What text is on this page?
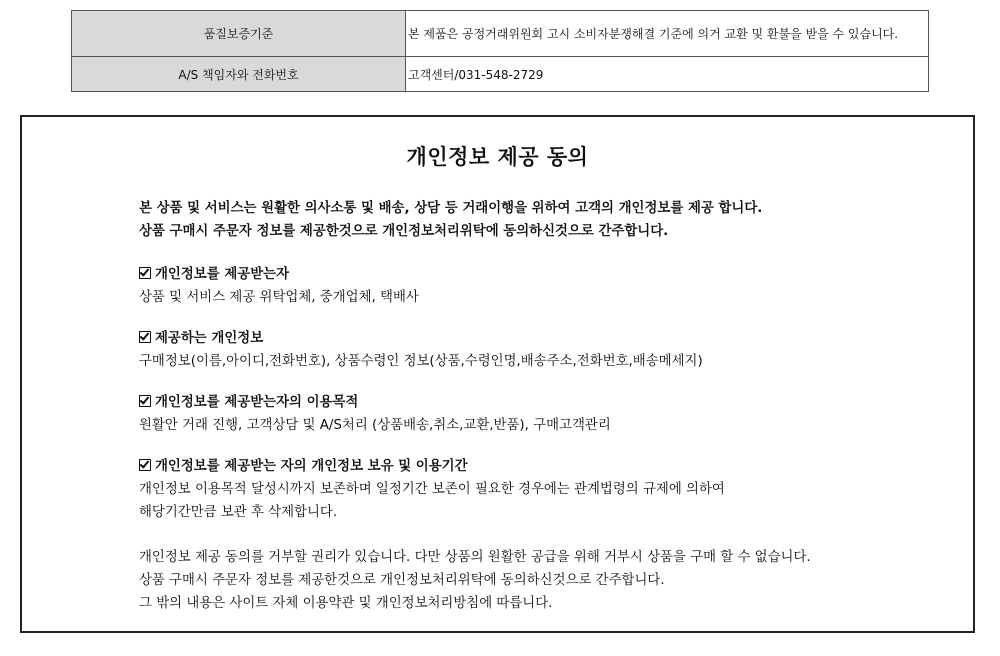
품질보증기준	본 제품은 공정거래위원회 고시 소비자분쟁해결 기준에 의거 교환 및 환불을 받을 수 있습니다.
A/S 책임자와 전화번호	고객센터/031-548-2729
개인정보 제공 동의
본 상품 및 서비스는 원활한 의사소통 및 배송, 상담 등 거래이행을 위하여 고객의 개인정보를 제공 합니다.
상품 구매시 주문자 정보를 제공한것으로 개인정보처리위탁에 동의하신것으로 간주합니다.
개인정보를 제공받는자
상품 및 서비스 제공 위탁업체, 중개업체, 택배사
제공하는 개인정보
구매정보(이름,아이디,전화번호), 상품수령인 정보(상품,수령인명,배송주소,전화번호,배송메세지)
개인정보를 제공받는자의 이용목적
원활안 거래 진행, 고객상담 및 A/S처리 (상품배송,취소,교환,반품), 구매고객관리
개인정보를 제공받는 자의 개인정보 보유 및 이용기간
개인정보 이용목적 달성시까지 보존하며 일정기간 보존이 필요한 경우에는 관계법령의 규제에 의하여
해당기간만큼 보관 후 삭제합니다.
개인정보 제공 동의를 거부할 권리가 있습니다. 다만 상품의 원활한 공급을 위해 거부시 상품을 구매 할 수 없습니다.
상품 구매시 주문자 정보를 제공한것으로 개인정보처리위탁에 동의하신것으로 간주합니다.
그 밖의 내용은 사이트 자체 이용약관 및 개인정보처리방침에 따릅니다.
